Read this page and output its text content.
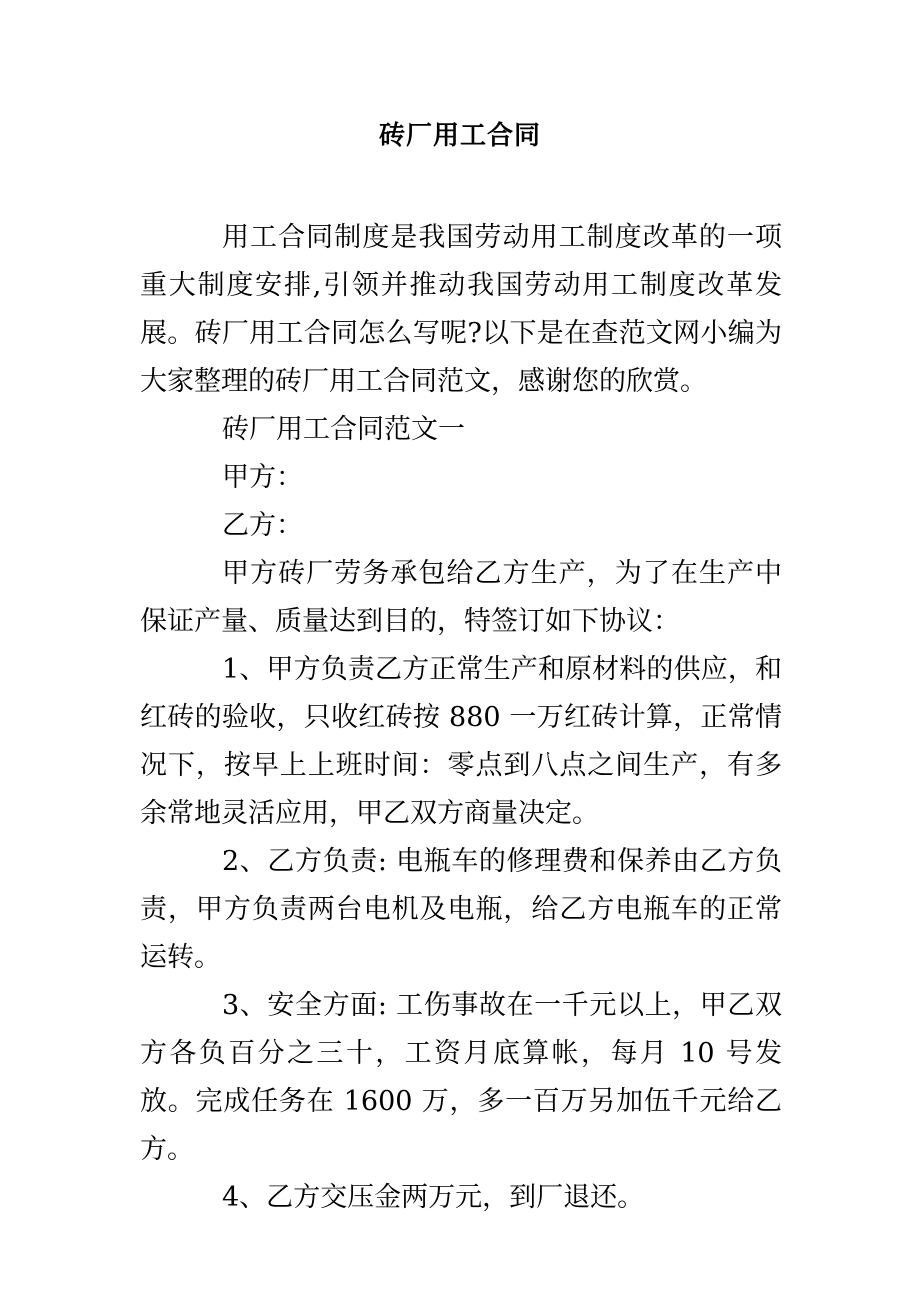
砖厂用工合同

用工合同制度是我国劳动用工制度改革的一项重大制度安排,引领并推动我国劳动用工制度改革发展。砖厂用工合同怎么写呢?以下是在查范文网小编为大家整理的砖厂用工合同范文，感谢您的欣赏。

砖厂用工合同范文一

甲方：

乙方：

甲方砖厂劳务承包给乙方生产，为了在生产中保证产量、质量达到目的，特签订如下协议：

1、甲方负责乙方正常生产和原材料的供应，和红砖的验收，只收红砖按 880 一万红砖计算，正常情况下，按早上上班时间：零点到八点之间生产，有多余常地灵活应用，甲乙双方商量决定。

2、乙方负责: 电瓶车的修理费和保养由乙方负责，甲方负责两台电机及电瓶，给乙方电瓶车的正常运转。

3、安全方面: 工伤事故在一千元以上，甲乙双方各负百分之三十，工资月底算帐，每月 10 号发放。完成任务在 1600 万，多一百万另加伍千元给乙方。

4、乙方交压金两万元，到厂退还。
